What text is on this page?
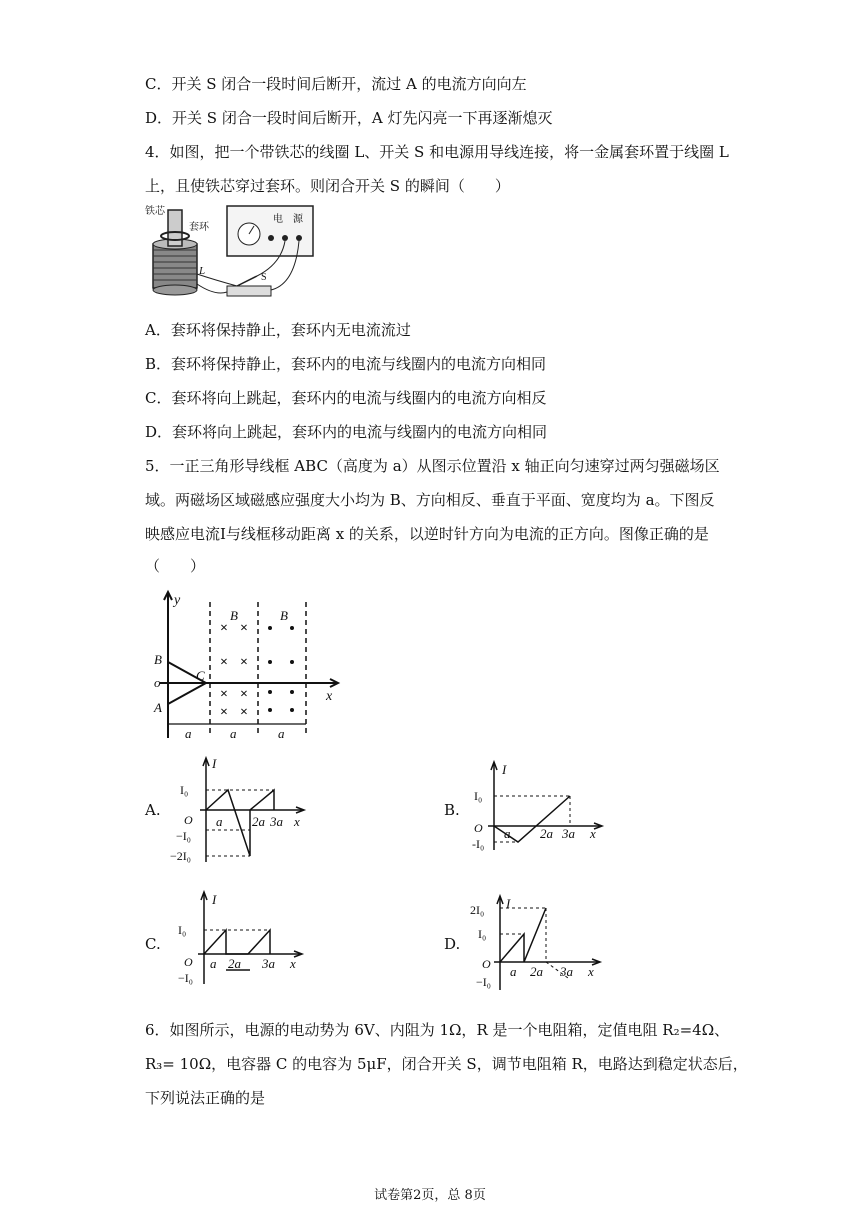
C．开关 S 闭合一段时间后断开，流过 A 的电流方向向左
D．开关 S 闭合一段时间后断开，A 灯先闪亮一下再逐渐熄灭
4．如图，把一个带铁芯的线圈 L、开关 S 和电源用导线连接，将一金属套环置于线圈 L
上，且使铁芯穿过套环。则闭合开关 S 的瞬间（　　）
铁芯
套环
L
电　源
S
A．套环将保持静止，套环内无电流流过
B．套环将保持静止，套环内的电流与线圈内的电流方向相同
C．套环将向上跳起，套环内的电流与线圈内的电流方向相反
D．套环将向上跳起，套环内的电流与线圈内的电流方向相同
5．一正三角形导线框 ABC（高度为 a）从图示位置沿 x 轴正向匀速穿过两匀强磁场区
域。两磁场区域磁感应强度大小均为 B、方向相反、垂直于平面、宽度均为 a。下图反
映感应电流I与线框移动距离 x 的关系，以逆时针方向为电流的正方向。图像正确的是
（　　）
× ×
× ×
× ×
× ×
y
x
B
C
o
A
B	B
a	a	a
A.
I
I₀
O
−I₀
−2I₀
a 2a 3a x
B.
I
I₀
O
-I₀
a 2a 3a x
C.
I
I₀
O
−I₀
a 2a 3a x
D.
I
2I₀
I₀
O
−I₀
a 2a 3a x
6．如图所示，电源的电动势为 6V、内阻为 1Ω，R 是一个电阻箱，定值电阻 R₂=4Ω、
R₃= 10Ω，电容器 C 的电容为 5μF，闭合开关 S，调节电阻箱 R，电路达到稳定状态后，
下列说法正确的是
试卷第2页，总 8页
